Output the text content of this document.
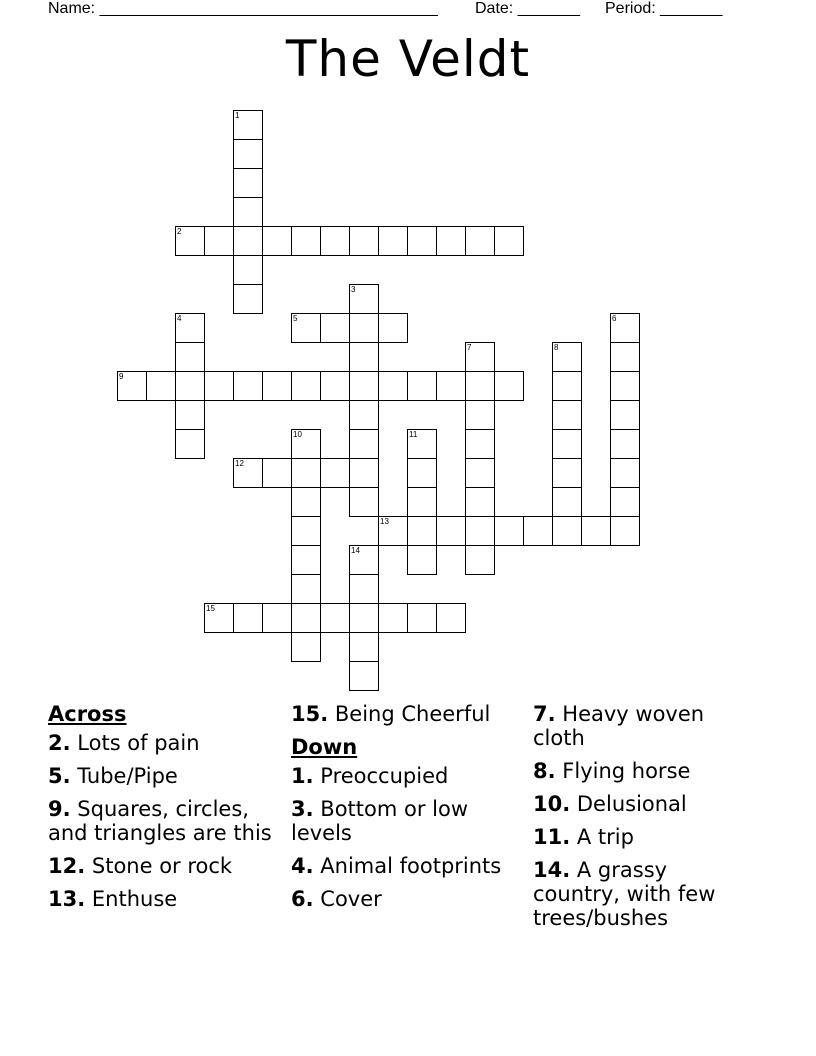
Name: ______________________________________ Date: _______ Period: _______
The Veldt
1
2
3
4	5	6
7	8
9
10	11
12
13
14
15
Across
2. Lots of pain
5. Tube/Pipe
9. Squares, circles, and triangles are this
12. Stone or rock
13. Enthuse
15. Being Cheerful
Down
1. Preoccupied
3. Bottom or low levels
4. Animal footprints
6. Cover
7. Heavy woven cloth
8. Flying horse
10. Delusional
11. A trip
14. A grassy country, with few trees/bushes
